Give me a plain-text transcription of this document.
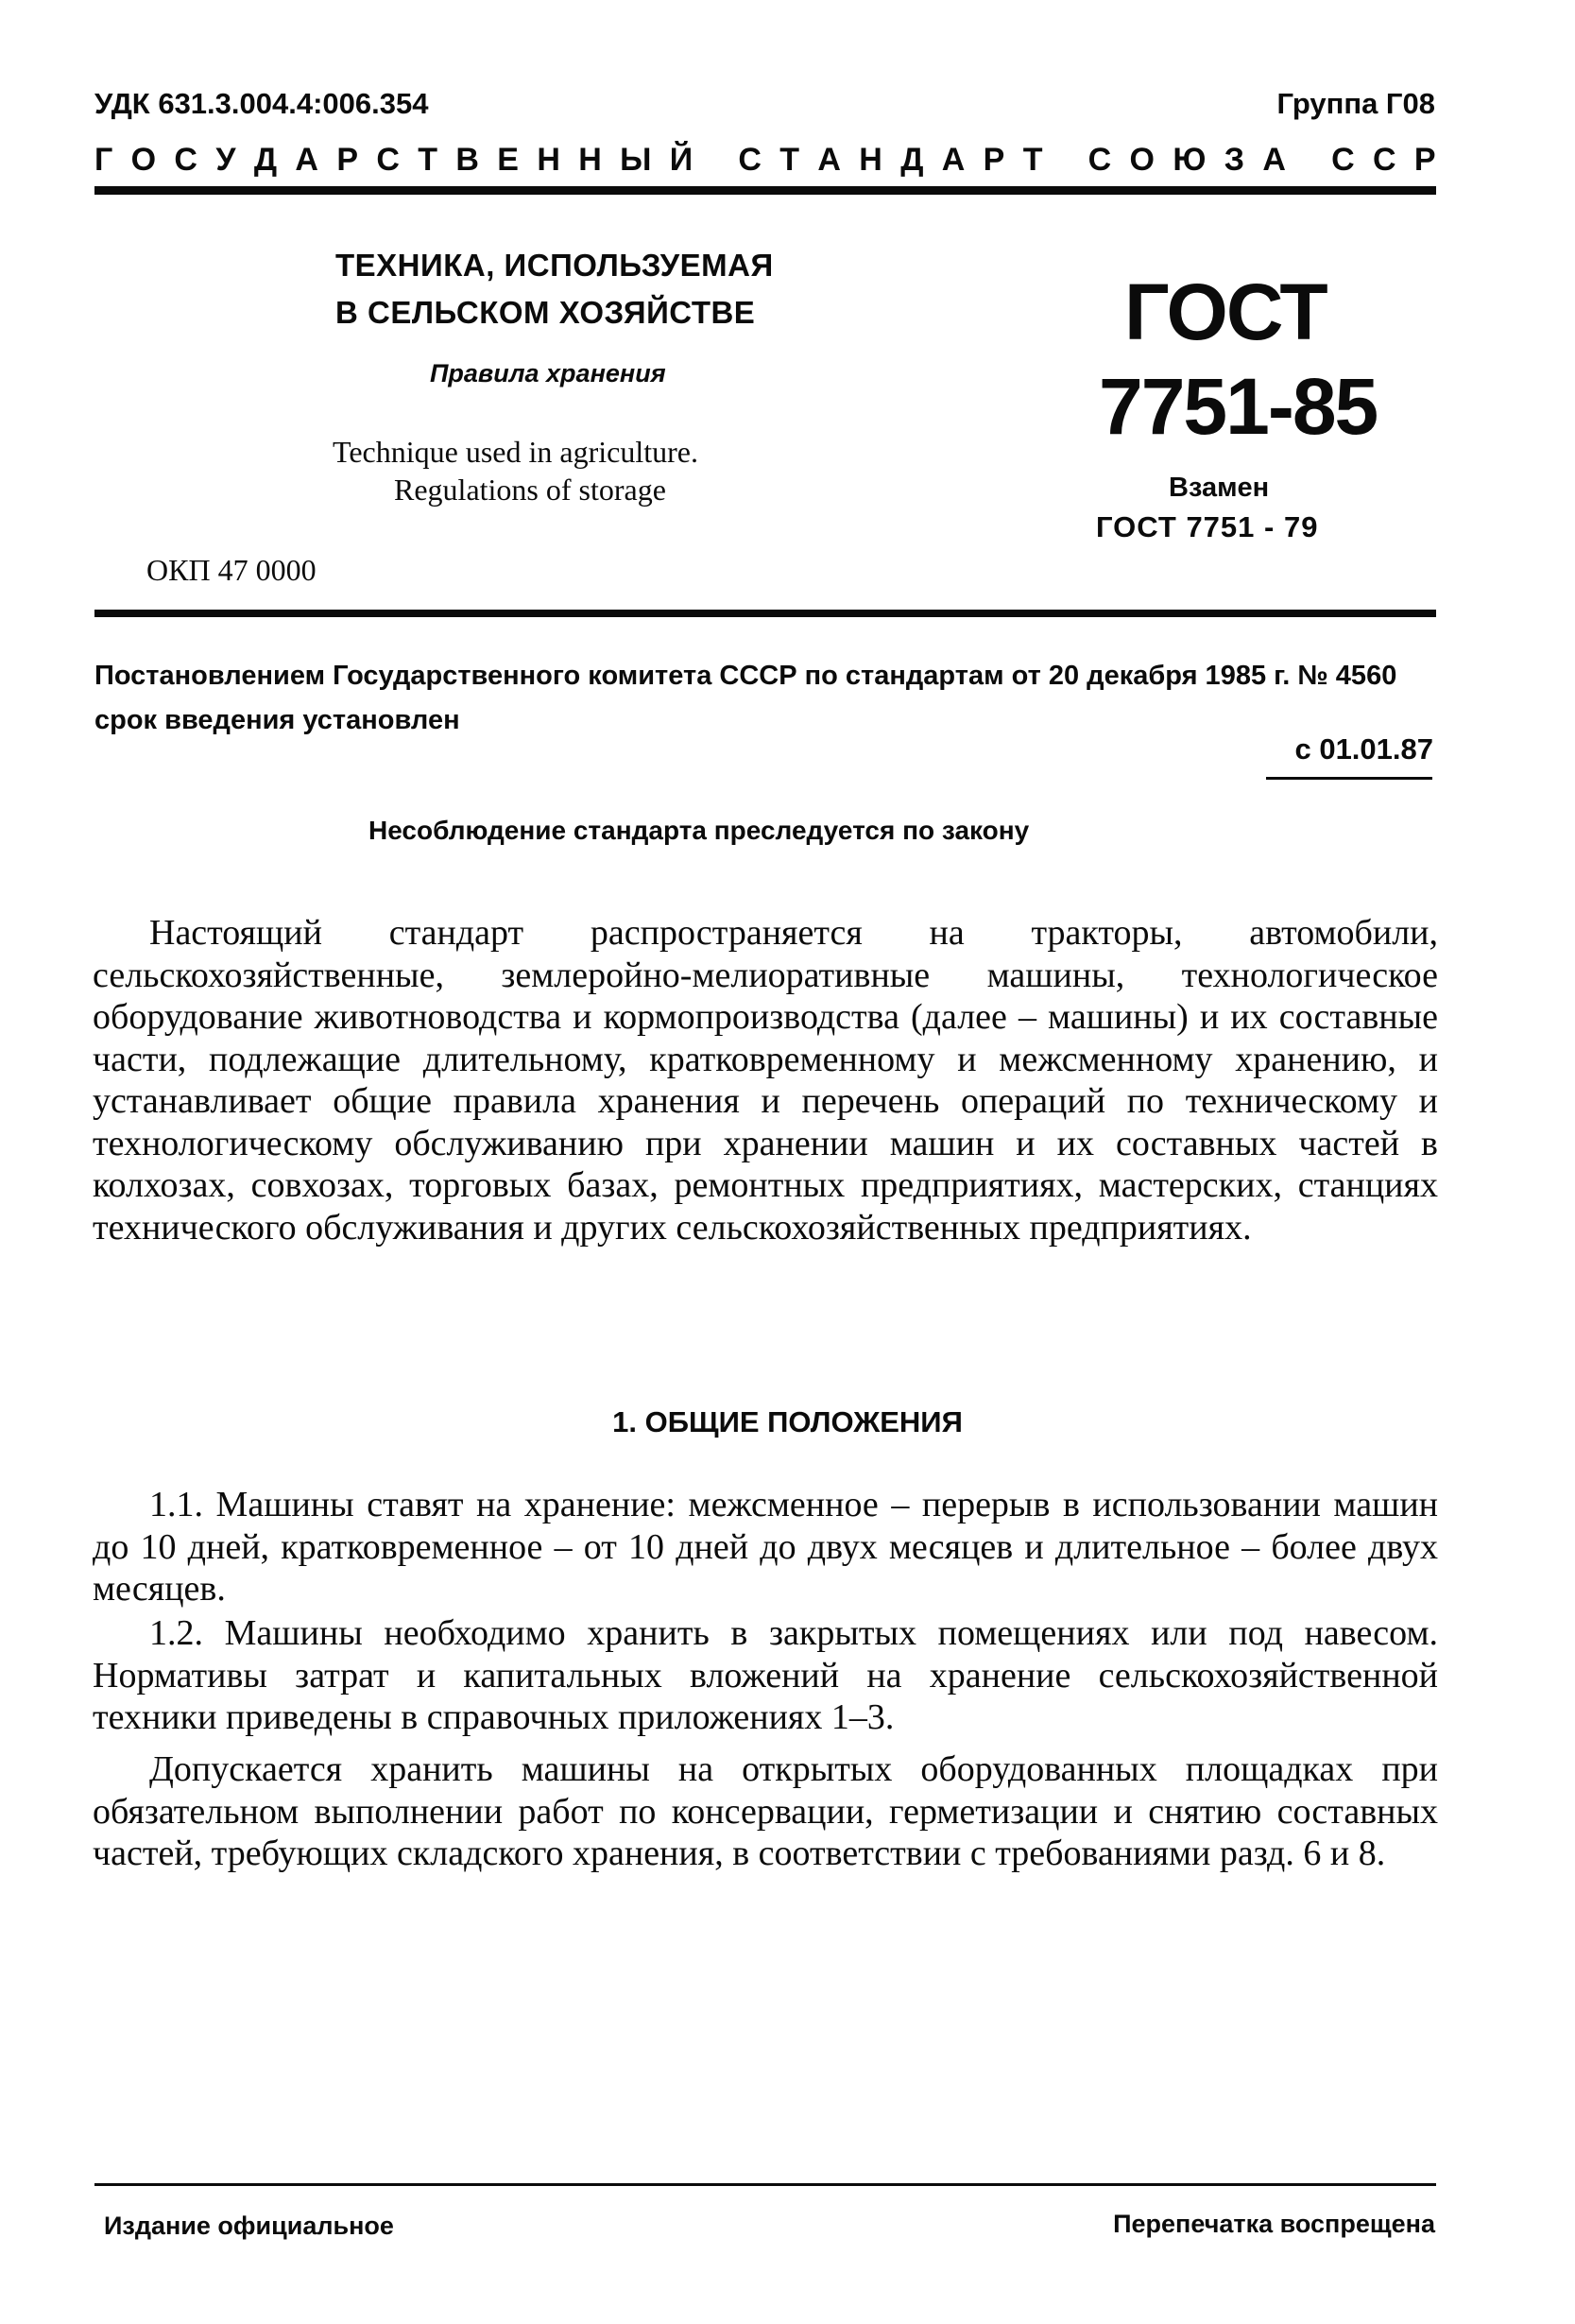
УДК 631.3.004.4:006.354	Группа Г08
Г О С У Д А Р С Т В Е Н Н Ы Й
С Т А Н Д А Р Т
С О Ю З А
С С Р
ТЕХНИКА, ИСПОЛЬЗУЕМАЯ
В СЕЛЬСКОМ ХОЗЯЙСТВЕ
Правила хранения
Technique used in agriculture.
Regulations of storage
ОКП 47 0000
ГОСТ
7751-85
Взамен
ГОСТ 7751 - 79
Постановлением Государственного комитета СССР по стандартам от 20 декабря 1985 г. № 4560 срок введения установлен
с 01.01.87
Несоблюдение стандарта преследуется по закону

Настоящий стандарт распространяется на тракторы, автомобили, сельскохозяйственные, землеройно-мелиоративные машины, технологическое оборудование животноводства и кормопроизводства (далее – машины) и их составные части, подлежащие длительному, кратковременному и межсменному хранению, и устанавливает общие правила хранения и перечень операций по техническому и технологическому обслуживанию при хранении машин и их составных частей в колхозах, совхозах, торговых базах, ремонтных предприятиях, мастерских, станциях технического обслуживания и других сельскохозяйственных предприятиях.

1. ОБЩИЕ ПОЛОЖЕНИЯ

1.1. Машины ставят на хранение: межсменное – перерыв в использовании машин до 10 дней, кратковременное – от 10 дней до двух месяцев и длительное – более двух месяцев.

1.2. Машины необходимо хранить в закрытых помещениях или под навесом. Нормативы затрат и капитальных вложений на хранение сельскохозяйственной техники приведены в справочных приложениях 1–3.

Допускается хранить машины на открытых оборудованных площадках при обязательном выполнении работ по консервации, герметизации и снятию составных частей, требующих складского хранения, в соответствии с требованиями разд. 6 и 8.

Издание официальное	Перепечатка воспрещена
